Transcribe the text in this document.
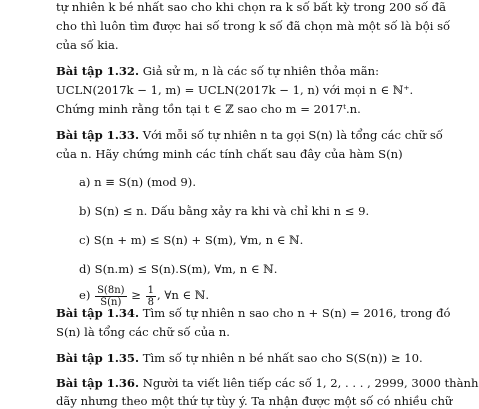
tự nhiên k bé nhất sao cho khi chọn ra k số bất kỳ trong 200 số đã
cho thì luôn tìm được hai số trong k số đã chọn mà một số là bội số
của số kia.
Bài tập 1.32. Giả sử m, n là các số tự nhiên thỏa mãn:
UCLN(2017k − 1, m) = UCLN(2017k − 1, n) với mọi n ∈ ℕ⁺.
Chứng minh rằng tồn tại t ∈ ℤ sao cho m = 2017ᵗ.n.
Bài tập 1.33. Với mỗi số tự nhiên n ta gọi S(n) là tổng các chữ số
của n. Hãy chứng minh các tính chất sau đây của hàm S(n)
a) n ≡ S(n) (mod 9).
b) S(n) ≤ n. Dấu bằng xảy ra khi và chỉ khi n ≤ 9.
c) S(n + m) ≤ S(n) + S(m), ∀m, n ∈ ℕ.
d) S(n.m) ≤ S(n).S(m), ∀m, n ∈ ℕ.
$e) \frac{S(8n)}{S(n)} \ge \frac{1}{8}$ , ∀n ∈ ℕ.
Bài tập 1.34. Tìm số tự nhiên n sao cho n + S(n) = 2016, trong đó
S(n) là tổng các chữ số của n.
Bài tập 1.35. Tìm số tự nhiên n bé nhất sao cho S(S(n)) ≥ 10.
Bài tập 1.36. Người ta viết liên tiếp các số 1, 2, . . . , 2999, 3000 thành
dãy nhưng theo một thứ tự tùy ý. Ta nhận được một số có nhiều chữ
